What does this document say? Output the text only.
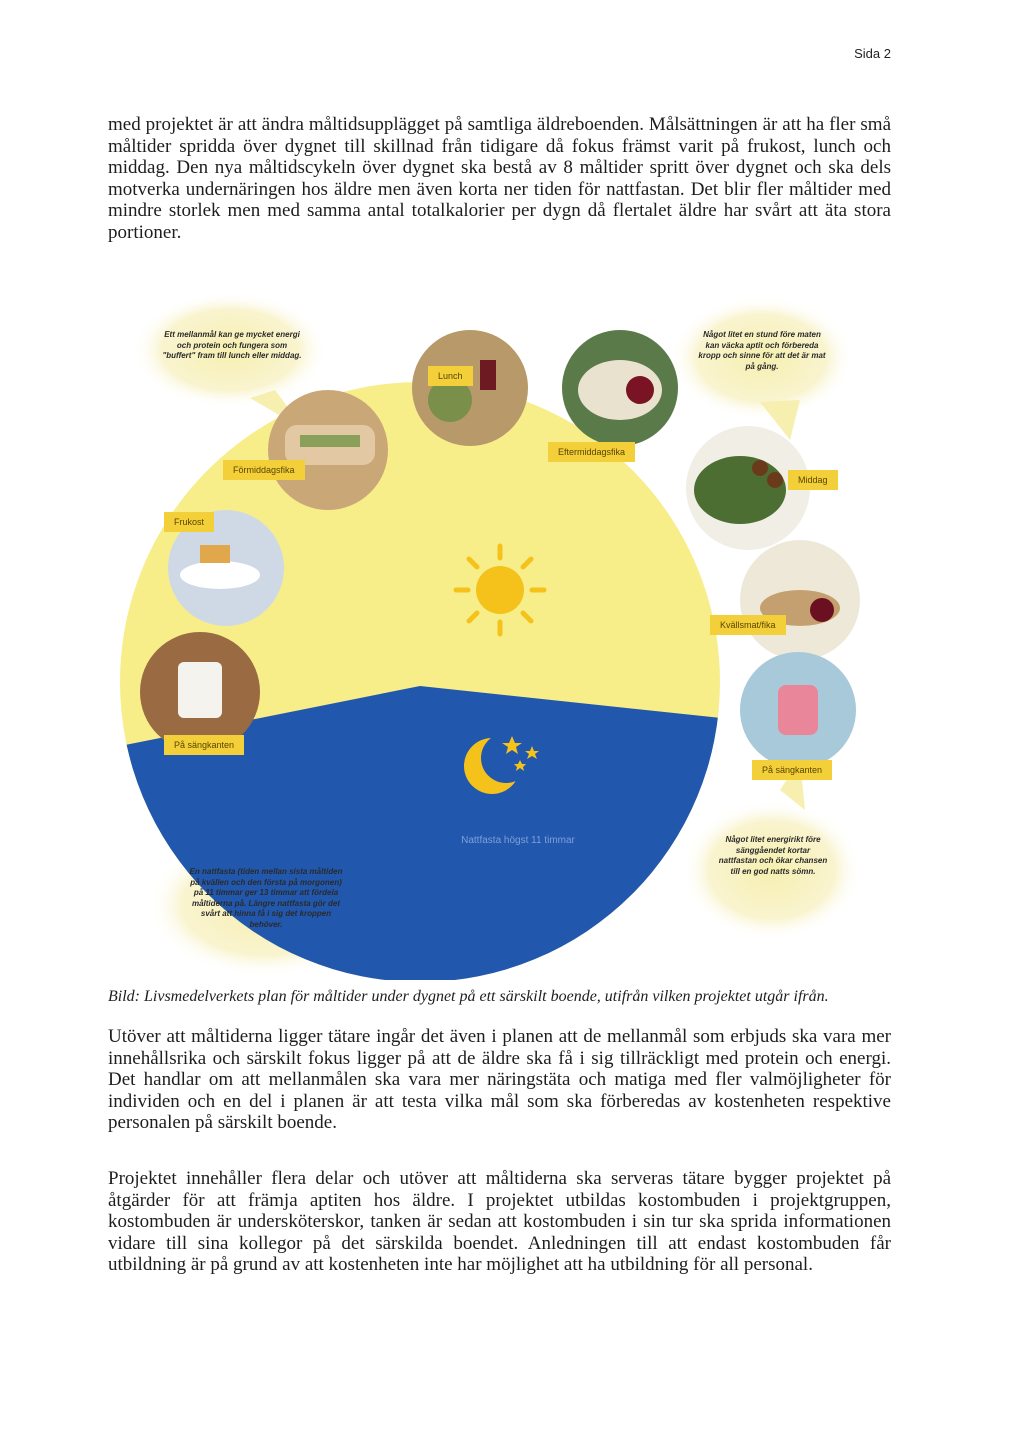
Sida 2

med projektet är att ändra måltidsupplägget på samtliga äldreboenden. Målsättningen är att ha fler små måltider spridda över dygnet till skillnad från tidigare då fokus främst varit på frukost, lunch och middag. Den nya måltidscykeln över dygnet ska bestå av 8 måltider spritt över dygnet och ska dels motverka undernäringen hos äldre men även korta ner tiden för nattfastan. Det blir fler måltider med mindre storlek men med samma antal totalkalorier per dygn då flertalet äldre har svårt att äta stora portioner.

Förmiddagsfika
Lunch
Eftermiddagsfika
Middag
Frukost
Kvällsmat/fika
På sängkanten
På sängkanten
Ett mellanmål kan ge mycket energi och protein och fungera som "buffert" fram till lunch eller middag.
Något litet en stund före maten kan väcka aptit och förbereda kropp och sinne för att det är mat på gång.
Något litet energirikt före sänggåendet kortar nattfastan och ökar chansen till en god natts sömn.
En nattfasta (tiden mellan sista måltiden på kvällen och den första på morgonen) på 11 timmar ger 13 timmar att fördela måltiderna på. Längre nattfasta gör det svårt att hinna få i sig det kroppen behöver.
Nattfasta högst 11 timmar

Bild: Livsmedelverkets plan för måltider under dygnet på ett särskilt boende, utifrån vilken projektet utgår ifrån.

Utöver att måltiderna ligger tätare ingår det även i planen att de mellanmål som erbjuds ska vara mer innehållsrika och särskilt fokus ligger på att de äldre ska få i sig tillräckligt med protein och energi. Det handlar om att mellanmålen ska vara mer näringstäta och matiga med fler valmöjligheter för individen och en del i planen är att testa vilka mål som ska förberedas av kostenheten respektive personalen på särskilt boende.

Projektet innehåller flera delar och utöver att måltiderna ska serveras tätare bygger projektet på åtgärder för att främja aptiten hos äldre. I projektet utbildas kostombuden i projektgruppen, kostombuden är undersköterskor, tanken är sedan att kostombuden i sin tur ska sprida informationen vidare till sina kollegor på det särskilda boendet. Anledningen till att endast kostombuden får utbildning är på grund av att kostenheten inte har möjlighet att ha utbildning för all personal.
